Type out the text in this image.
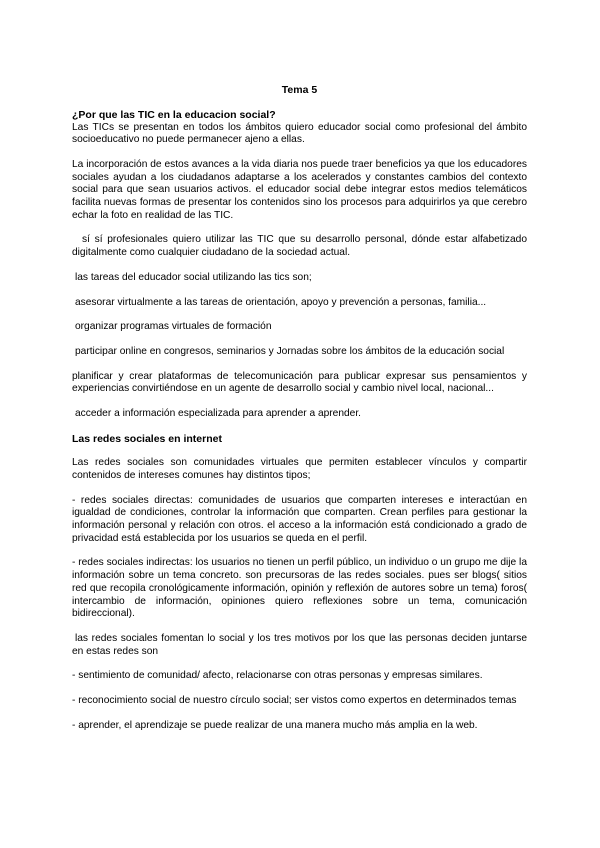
Tema 5
¿Por que las TIC en la educacion social?

Las TICs se presentan en todos los ámbitos quiero educador social como profesional del ámbito socioeducativo no puede permanecer ajeno a ellas.

La incorporación de estos avances a la vida diaria nos puede traer beneficios ya que los educadores sociales ayudan a los ciudadanos adaptarse a los acelerados y constantes cambios del contexto social para que sean usuarios activos. el educador social debe integrar estos medios telemáticos facilita nuevas formas de presentar los contenidos sino los procesos para adquirirlos ya que cerebro echar la foto en realidad de las TIC.

sí sí profesionales quiero utilizar las TIC que su desarrollo personal, dónde estar alfabetizado digitalmente como cualquier ciudadano de la sociedad actual.

las tareas del educador social utilizando las tics son;

asesorar virtualmente a las tareas de orientación, apoyo y prevención a personas, familia...

organizar programas virtuales de formación

participar online en congresos, seminarios y Jornadas sobre los ámbitos de la educación social

planificar y crear plataformas de telecomunicación para publicar expresar sus pensamientos y experiencias convirtiéndose en un agente de desarrollo social y cambio nivel local, nacional...

acceder a información especializada para aprender a aprender.

Las redes sociales en internet

Las redes sociales son comunidades virtuales que permiten establecer vínculos y compartir contenidos de intereses comunes hay distintos tipos;

- redes sociales directas: comunidades de usuarios que comparten intereses e interactúan en igualdad de condiciones, controlar la información que comparten. Crean perfiles para gestionar la información personal y relación con otros. el acceso a la información está condicionado a grado de privacidad está establecida por los usuarios se queda en el perfil.

- redes sociales indirectas: los usuarios no tienen un perfil público, un individuo o un grupo me dije la información sobre un tema concreto. son precursoras de las redes sociales. pues ser blogs( sitios red que recopila cronológicamente información, opinión y reflexión de autores sobre un tema) foros( intercambio de información, opiniones quiero reflexiones sobre un tema, comunicación bidireccional).

las redes sociales fomentan lo social y los tres motivos por los que las personas deciden juntarse en estas redes son

- sentimiento de comunidad/ afecto, relacionarse con otras personas y empresas similares.

- reconocimiento social de nuestro círculo social; ser vistos como expertos en determinados temas

- aprender, el aprendizaje se puede realizar de una manera mucho más amplia en la web.
